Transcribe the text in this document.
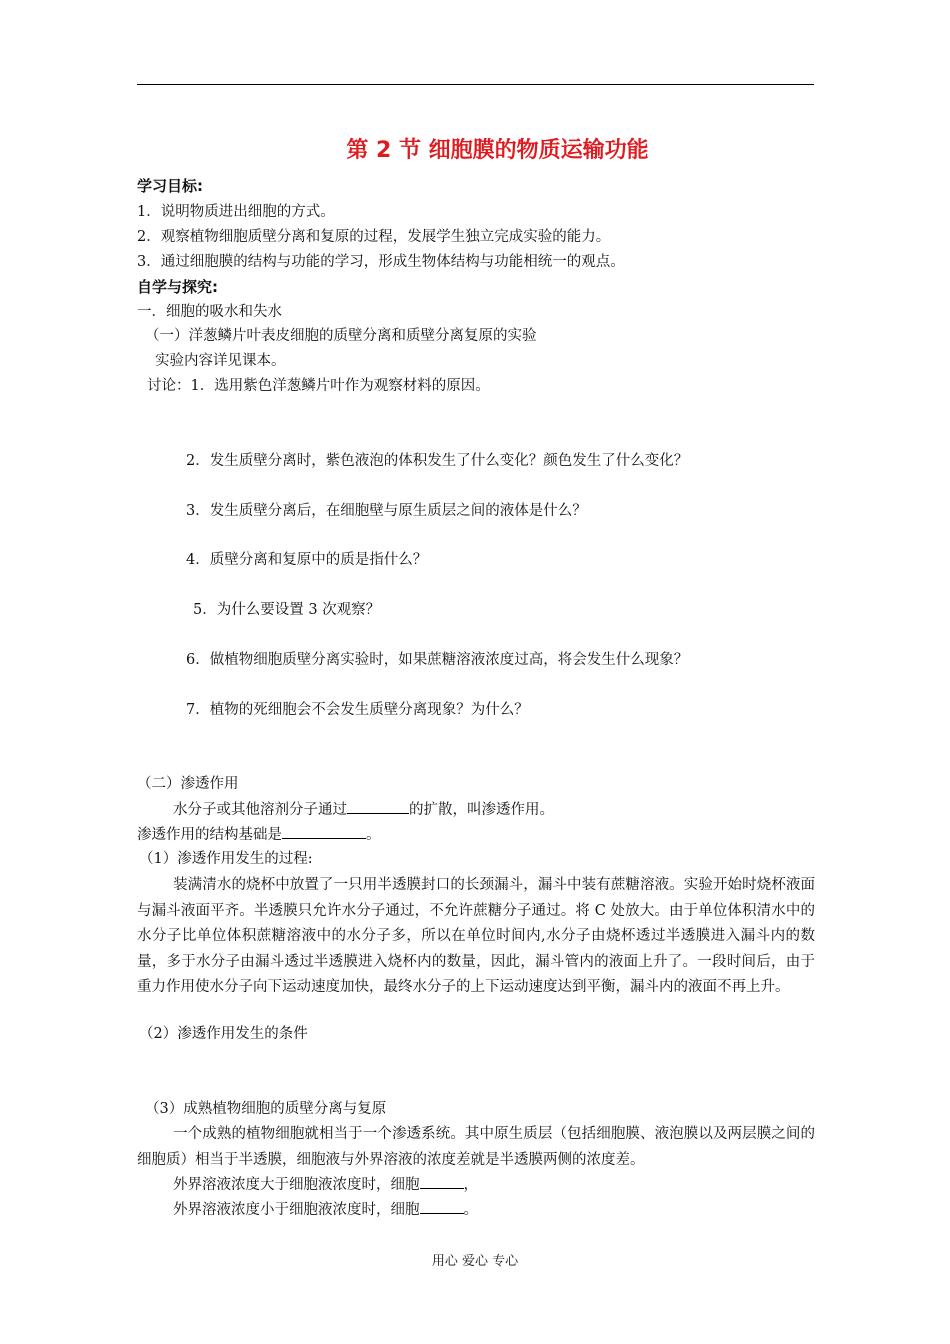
第 2 节 细胞膜的物质运输功能
学习目标:
1．说明物质进出细胞的方式。
2．观察植物细胞质壁分离和复原的过程，发展学生独立完成实验的能力。
3．通过细胞膜的结构与功能的学习，形成生物体结构与功能相统一的观点。
自学与探究:
一．细胞的吸水和失水
（一）洋葱鳞片叶表皮细胞的质壁分离和质壁分离复原的实验
实验内容详见课本。
讨论：1．选用紫色洋葱鳞片叶作为观察材料的原因。
2．发生质壁分离时，紫色液泡的体积发生了什么变化？颜色发生了什么变化？
3．发生质壁分离后，在细胞壁与原生质层之间的液体是什么？
4．质壁分离和复原中的质是指什么？
5．为什么要设置 3 次观察？
6．做植物细胞质壁分离实验时，如果蔗糖溶液浓度过高，将会发生什么现象？
7．植物的死细胞会不会发生质壁分离现象？为什么？
（二）渗透作用
水分子或其他溶剂分子通过	的扩散，叫渗透作用。
渗透作用的结构基础是	。
（1）渗透作用发生的过程:
装满清水的烧杯中放置了一只用半透膜封口的长颈漏斗，漏斗中装有蔗糖溶液。实验开始时烧杯液面与漏斗液面平齐。半透膜只允许水分子通过，不允许蔗糖分子通过。将 C 处放大。由于单位体积清水中的水分子比单位体积蔗糖溶液中的水分子多，所以在单位时间内,水分子由烧杯透过半透膜进入漏斗内的数量，多于水分子由漏斗透过半透膜进入烧杯内的数量，因此，漏斗管内的液面上升了。一段时间后，由于重力作用使水分子向下运动速度加快，最终水分子的上下运动速度达到平衡，漏斗内的液面不再上升。
（2）渗透作用发生的条件
（3）成熟植物细胞的质壁分离与复原
一个成熟的植物细胞就相当于一个渗透系统。其中原生质层（包括细胞膜、液泡膜以及两层膜之间的细胞质）相当于半透膜，细胞液与外界溶液的浓度差就是半透膜两侧的浓度差。
外界溶液浓度大于细胞液浓度时，细胞	，
外界溶液浓度小于细胞液浓度时，细胞	。
用心 爱心 专心
